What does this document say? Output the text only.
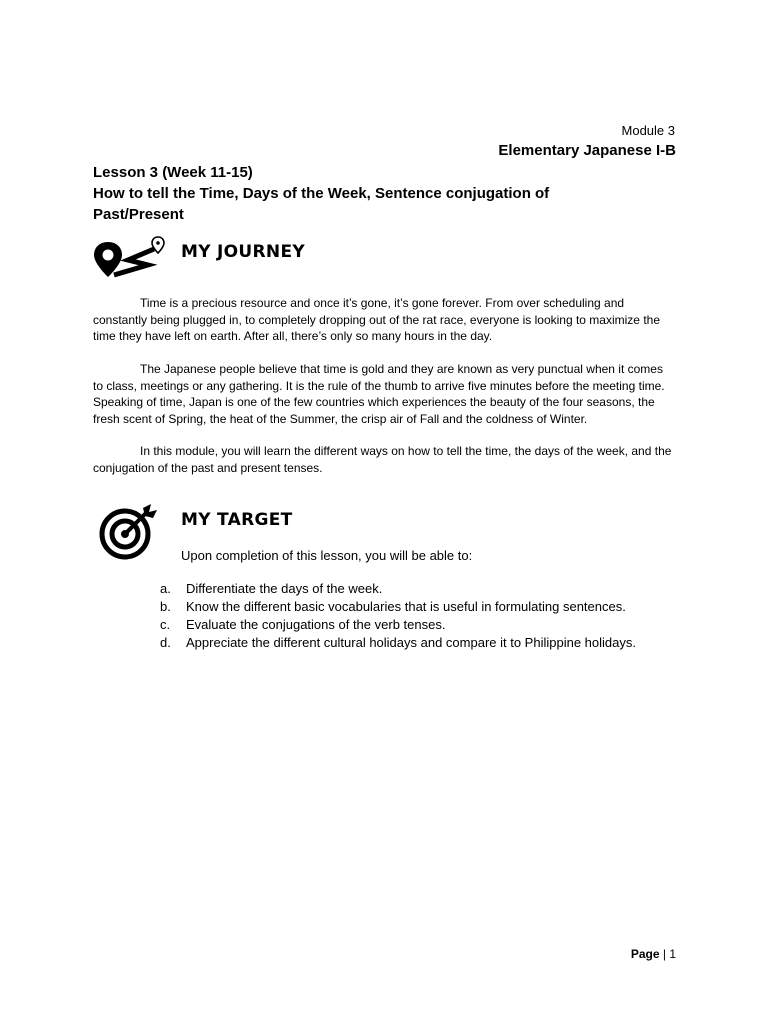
Module 3
Elementary Japanese I-B

Lesson 3 (Week 11-15)

How to tell the Time, Days of the Week, Sentence conjugation of Past/Present

MY JOURNEY

Time is a precious resource and once it’s gone, it’s gone forever. From over scheduling and constantly being plugged in, to completely dropping out of the rat race, everyone is looking to maximize the time they have left on earth. After all, there’s only so many hours in the day.

The Japanese people believe that time is gold and they are known as very punctual when it comes to class, meetings or any gathering. It is the rule of the thumb to arrive five minutes before the meeting time. Speaking of time, Japan is one of the few countries which experiences the beauty of the four seasons, the fresh scent of Spring, the heat of the Summer, the crisp air of Fall and the coldness of Winter.

In this module, you will learn the different ways on how to tell the time, the days of the week, and the conjugation of the past and present tenses.

MY TARGET

Upon completion of this lesson, you will be able to:

a.	Differentiate the days of the week.
b.	Know the different basic vocabularies that is useful in formulating sentences.
c.	Evaluate the conjugations of the verb tenses.
d.	Appreciate the different cultural holidays and compare it to Philippine holidays.
Page | 1
